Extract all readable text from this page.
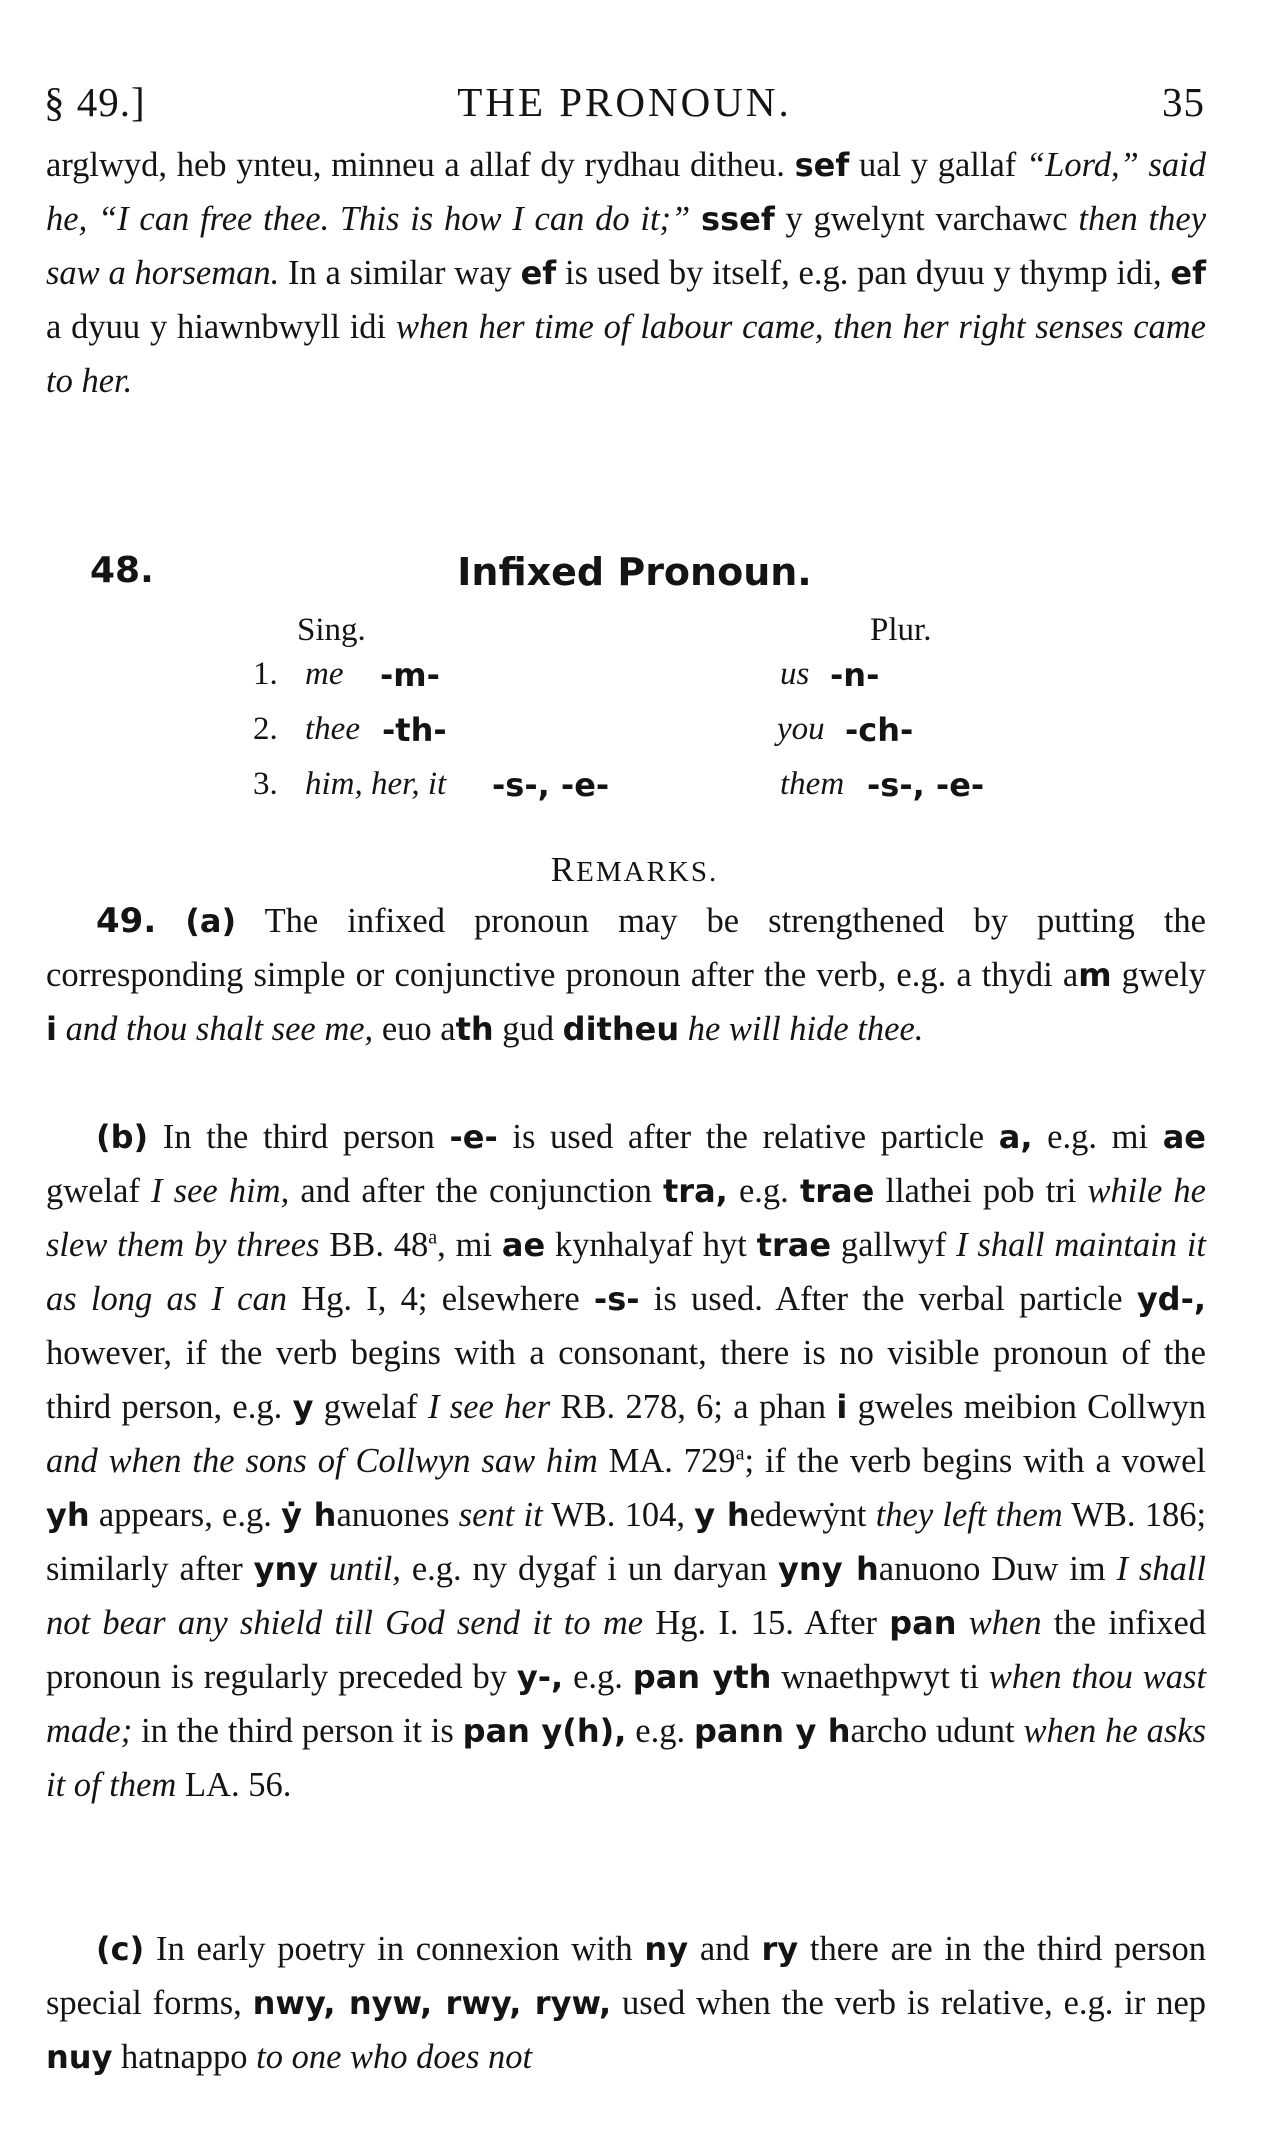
§ 49.]	THE PRONOUN.	35

arglwyd, heb ynteu, minneu a allaf dy rydhau ditheu. sef ual y gallaf “Lord,” said he, “I can free thee. This is how I can do it;” ssef y gwelynt varchawc then they saw a horseman. In a similar way ef is used by itself, e.g. pan dyuu y thymp idi, ef a dyuu y hiawnbwyll idi when her time of labour came, then her right senses came to her.

48.	Infixed Pronoun.
Sing.	Plur.
1. me -m-	us -n-
2. thee -th-	you -ch-
3. him, her, it -s-, -e-	them -s-, -e-
REMARKS.

49. (a) The infixed pronoun may be strengthened by putting the corresponding simple or conjunctive pronoun after the verb, e.g. a thydi am gwely i and thou shalt see me, euo ath gud ditheu he will hide thee.

(b) In the third person -e- is used after the relative particle a, e.g. mi ae gwelaf I see him, and after the conjunction tra, e.g. trae llathei pob tri while he slew them by threes BB. 48$^a$, mi ae kynhalyaf hyt trae gallwyf I shall maintain it as long as I can Hg. I, 4; elsewhere -s- is used. After the verbal particle yd-, however, if the verb begins with a consonant, there is no visible pronoun of the third person, e.g. y gwelaf I see her RB. 278, 6; a phan i gweles meibion Collwyn and when the sons of Collwyn saw him MA. 729$^a$; if the verb begins with a vowel yh appears, e.g. ẏ hanuones sent it WB. 104, y hedewẏnt they left them WB. 186; similarly after yny until, e.g. ny dygaf i un daryan yny hanuono Duw im I shall not bear any shield till God send it to me Hg. I. 15. After pan when the infixed pronoun is regularly preceded by y-, e.g. pan yth wnaethpwyt ti when thou wast made; in the third person it is pan y(h), e.g. pann y harcho udunt when he asks it of them LA. 56.

(c) In early poetry in connexion with ny and ry there are in the third person special forms, nwy, nyw, rwy, ryw, used when the verb is relative, e.g. ir nep nuy hatnappo to one who does not
